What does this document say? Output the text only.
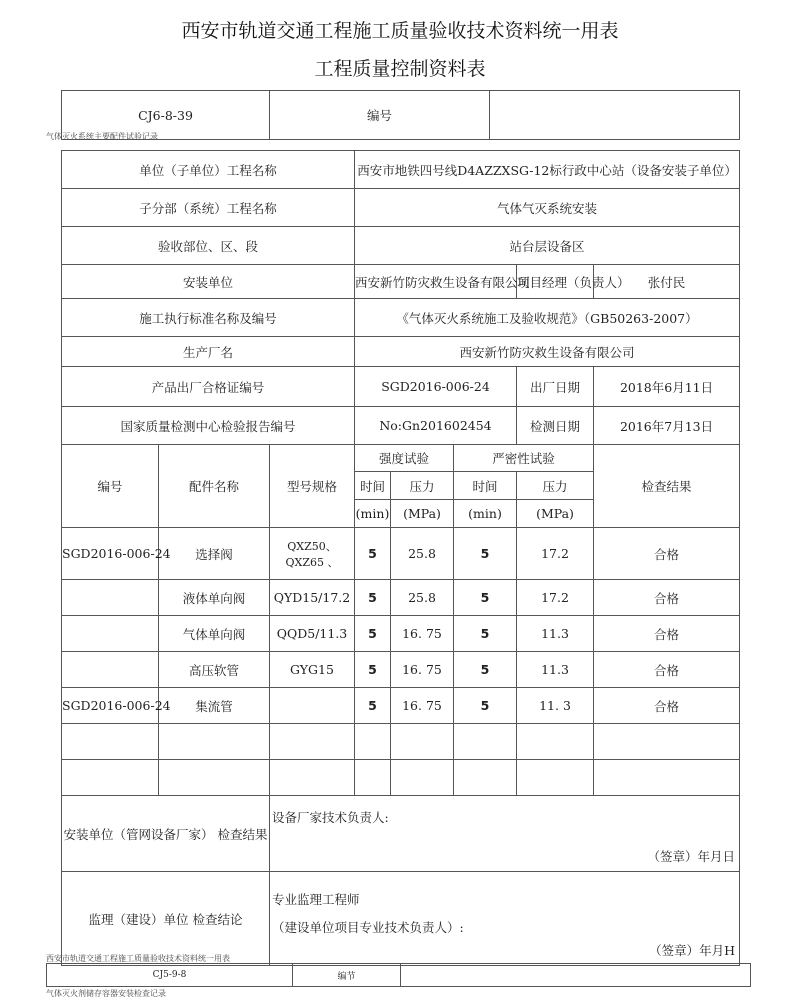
西安市轨道交通工程施工质量验收技术资料统一用表
工程质量控制资料表
CJ6-8-39	编号	
气体灭火系统主要配件试验记录
单位（子单位）工程名称			西安市地铁四号线D4AZZXSG-12标行政中心站（设备安装子单位）				
子分部（系统）工程名称			气体气灭系统安装				
验收部位、区、段			站台层设备区				
安装单位			西安新竹防灾救生设备有限公司			项目经理（负责人）	张付民
施工执行标准名称及编号			《气体灭火系统施工及验收规范》（GB50263-2007）				
生产厂名			西安新竹防灾救生设备有限公司				
产品出厂合格证编号			SGD2016-006-24			出厂日期	2018年6月11日
国家质量检测中心检验报告编号			No:Gn201602454			检测日期	2016年7月13日
编号	配件名称	型号规格	强度试验		严密性试验		检查结果
			时间	压力	时间	压力	
			(min)	(MPa)	(min)	(MPa)	
SGD2016-006-24	选择阀	QXZ50、 QXZ65 、	5	25.8	5	17.2	合格
	液体单向阀	QYD15/17.2	5	25.8	5	17.2	合格
	气体单向阀	QQD5/11.3	5	16. 75	5	11.3	合格
	高压软管	GYG15	5	16. 75	5	11.3	合格
SGD2016-006-24	集流管		5	16. 75	5	11. 3	合格

安装单位（管网设备厂家） 检查结果		设备厂家技术负责人:
（签章）年月日					

监理（建设）单位 检查结论		专业监理工程师
（建设单位项目专业技术负责人）:
（签章）年月H					
西安市轨道交通工程施工质量验收技术资料统一用表
CJ5-9-8	编节	
气体灭火剂储存容器安装检查记录
